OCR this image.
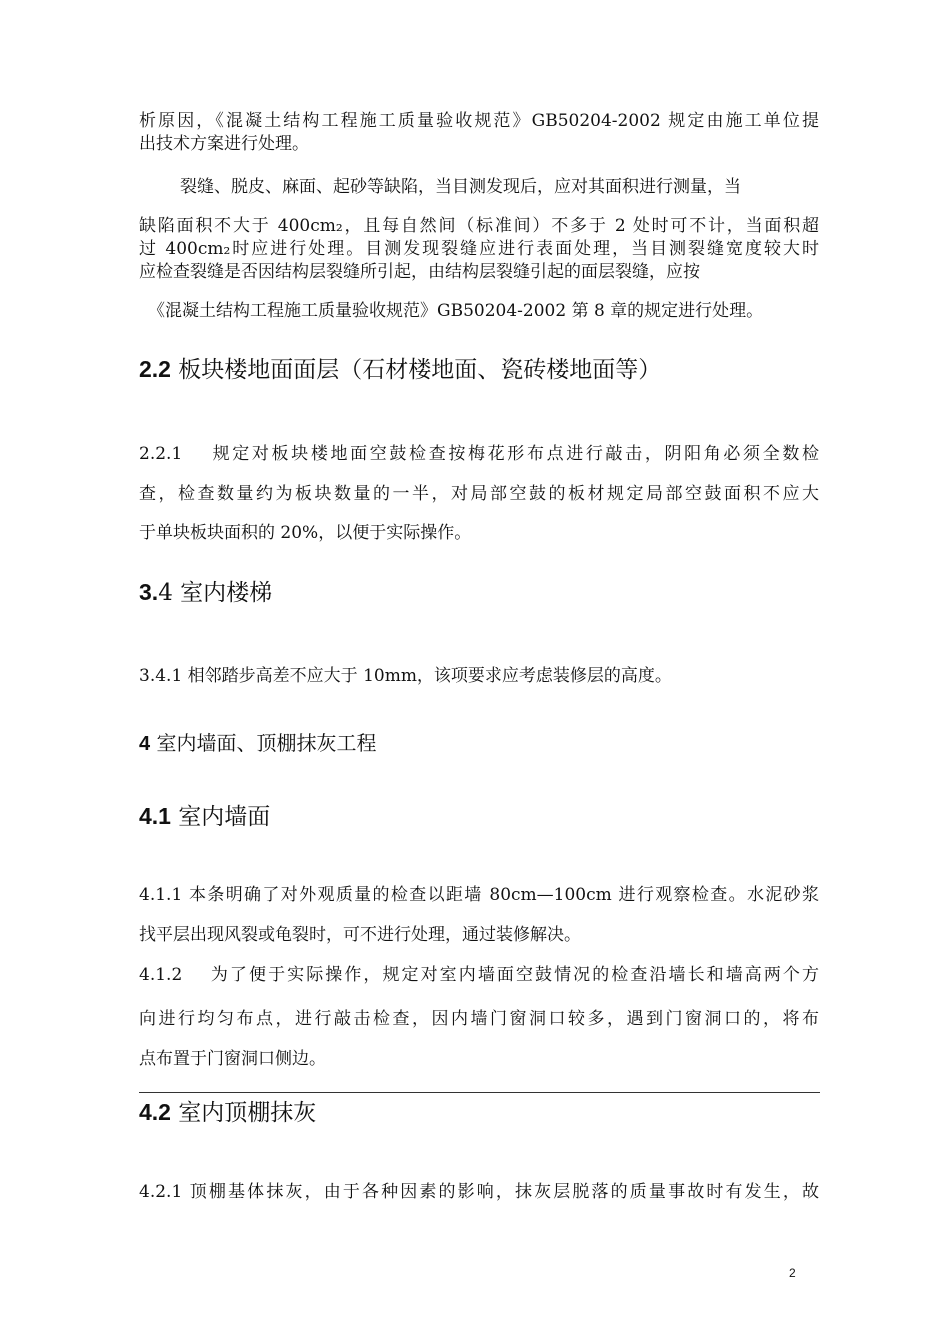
析原因，《混凝土结构工程施工质量验收规范》GB50204-2002 规定由施工单位提
出技术方案进行处理。
裂缝、脱皮、麻面、起砂等缺陷，当目测发现后，应对其面积进行测量，当
缺陷面积不大于 400cm₂，且每自然间（标准间）不多于 2 处时可不计，当面积超
过 400cm₂时应进行处理。目测发现裂缝应进行表面处理，当目测裂缝宽度较大时
应检查裂缝是否因结构层裂缝所引起，由结构层裂缝引起的面层裂缝，应按
《混凝土结构工程施工质量验收规范》GB50204-2002 第 8 章的规定进行处理。
2.2 板块楼地面面层（石材楼地面、瓷砖楼地面等）
2.2.1　 规定对板块楼地面空鼓检查按梅花形布点进行敲击，阴阳角必须全数检
查，检查数量约为板块数量的一半，对局部空鼓的板材规定局部空鼓面积不应大
于单块板块面积的 20%，以便于实际操作。
3.4 室内楼梯
3.4.1 相邻踏步高差不应大于 10mm，该项要求应考虑装修层的高度。
4 室内墙面、顶棚抹灰工程
4.1 室内墙面
4.1.1 本条明确了对外观质量的检查以距墙 80cm—100cm 进行观察检查。水泥砂浆
找平层出现风裂或龟裂时，可不进行处理，通过装修解决。
4.1.2　 为了便于实际操作，规定对室内墙面空鼓情况的检查沿墙长和墙高两个方
向进行均匀布点，进行敲击检查，因内墙门窗洞口较多，遇到门窗洞口的，将布
点布置于门窗洞口侧边。
4.2 室内顶棚抹灰
4.2.1 顶棚基体抹灰，由于各种因素的影响，抹灰层脱落的质量事故时有发生，故
2
